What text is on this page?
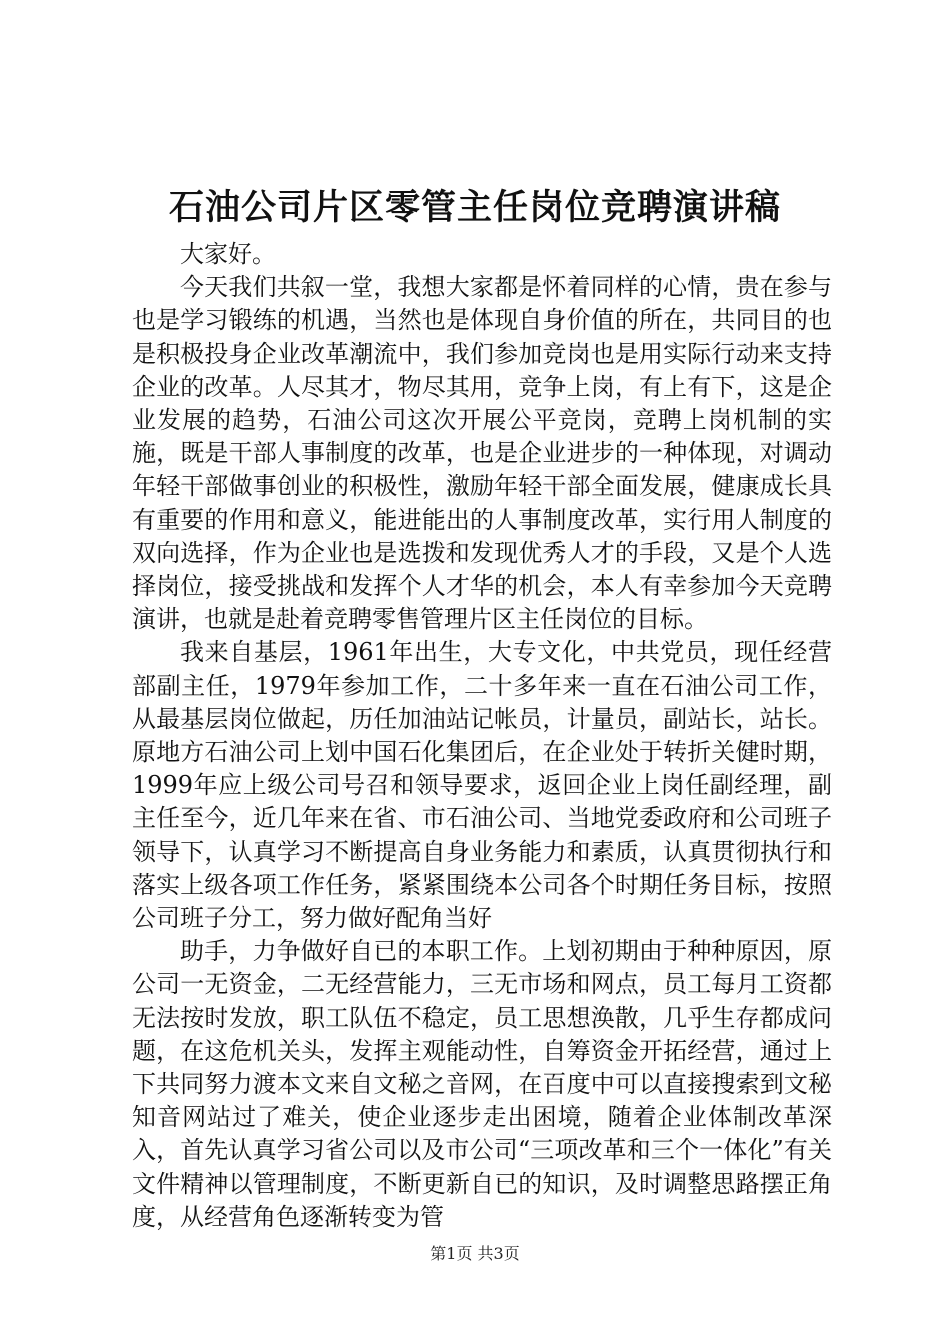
石油公司片区零管主任岗位竞聘演讲稿

大家好。

今天我们共叙一堂，我想大家都是怀着同样的心情，贵在参与也是学习锻练的机遇，当然也是体现自身价值的所在，共同目的也是积极投身企业改革潮流中，我们参加竞岗也是用实际行动来支持企业的改革。人尽其才，物尽其用，竞争上岗，有上有下，这是企业发展的趋势，石油公司这次开展公平竞岗，竞聘上岗机制的实施，既是干部人事制度的改革，也是企业进步的一种体现，对调动年轻干部做事创业的积极性，激励年轻干部全面发展，健康成长具有重要的作用和意义，能进能出的人事制度改革，实行用人制度的双向选择，作为企业也是选拨和发现优秀人才的手段，又是个人选择岗位，接受挑战和发挥个人才华的机会，本人有幸参加今天竞聘演讲，也就是赴着竞聘零售管理片区主任岗位的目标。

我来自基层，1961年出生，大专文化，中共党员，现任经营部副主任，1979年参加工作，二十多年来一直在石油公司工作，从最基层岗位做起，历任加油站记帐员，计量员，副站长，站长。原地方石油公司上划中国石化集团后，在企业处于转折关健时期，1999年应上级公司号召和领导要求，返回企业上岗任副经理，副主任至今，近几年来在省、市石油公司、当地党委政府和公司班子领导下，认真学习不断提高自身业务能力和素质，认真贯彻执行和落实上级各项工作任务，紧紧围绕本公司各个时期任务目标，按照公司班子分工，努力做好配角当好

助手，力争做好自已的本职工作。上划初期由于种种原因，原公司一无资金，二无经营能力，三无市场和网点，员工每月工资都无法按时发放，职工队伍不稳定，员工思想涣散，几乎生存都成问题，在这危机关头，发挥主观能动性，自筹资金开拓经营，通过上下共同努力渡本文来自文秘之音网，在百度中可以直接搜索到文秘知音网站过了难关，使企业逐步走出困境，随着企业体制改革深入，首先认真学习省公司以及市公司“三项改革和三个一体化”有关文件精神以管理制度，不断更新自已的知识，及时调整思路摆正角度，从经营角色逐渐转变为管

第1页 共3页
